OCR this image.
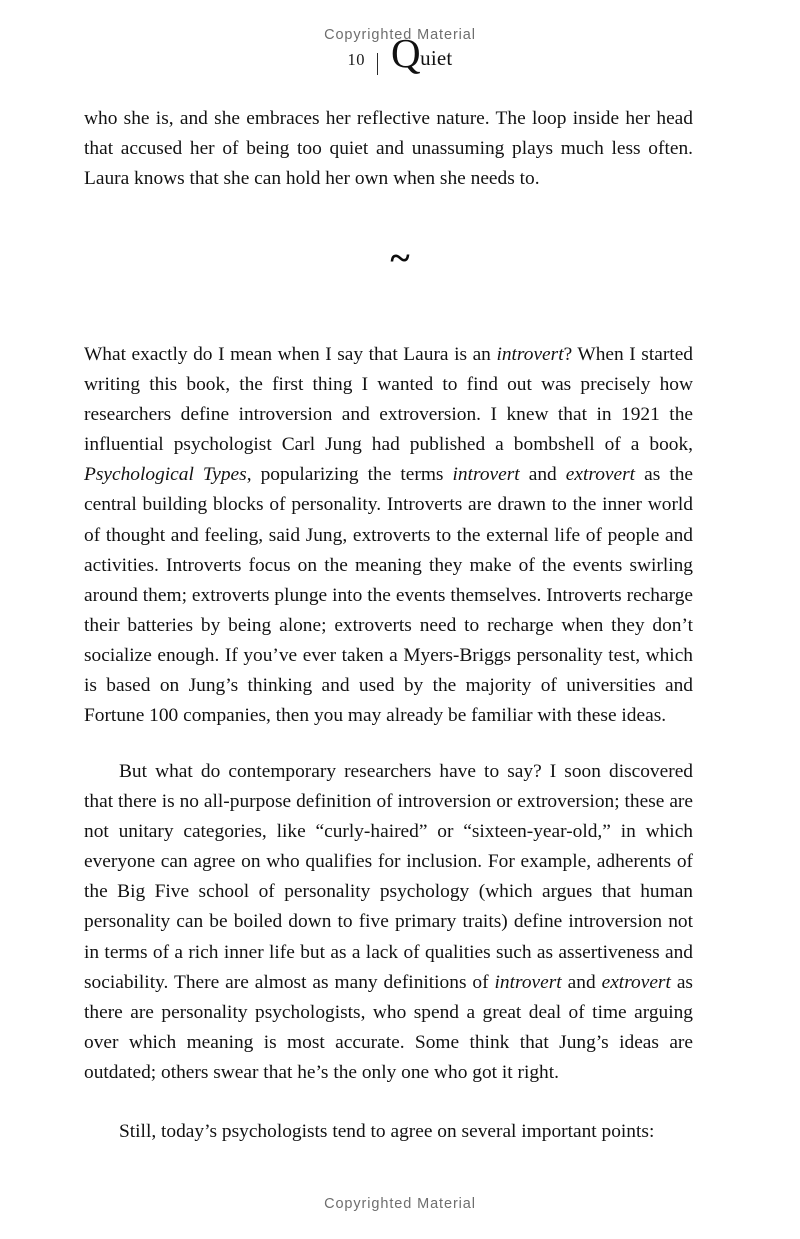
Copyrighted Material
10 Quiet

who she is, and she embraces her reflective nature. The loop inside her head that accused her of being too quiet and unassuming plays much less often. Laura knows that she can hold her own when she needs to.

~

What exactly do I mean when I say that Laura is an introvert? When I started writing this book, the first thing I wanted to find out was precisely how researchers define introversion and extroversion. I knew that in 1921 the influential psychologist Carl Jung had published a bombshell of a book, Psychological Types, popularizing the terms introvert and extrovert as the central building blocks of personality. Introverts are drawn to the inner world of thought and feeling, said Jung, extroverts to the external life of people and activities. Introverts focus on the meaning they make of the events swirling around them; extroverts plunge into the events themselves. Introverts recharge their batteries by being alone; extroverts need to recharge when they don’t socialize enough. If you’ve ever taken a Myers-Briggs personality test, which is based on Jung’s thinking and used by the majority of universities and Fortune 100 companies, then you may already be familiar with these ideas.

But what do contemporary researchers have to say? I soon discovered that there is no all-purpose definition of introversion or extroversion; these are not unitary categories, like “curly-haired” or “sixteen-year-old,” in which everyone can agree on who qualifies for inclusion. For example, adherents of the Big Five school of personality psychology (which argues that human personality can be boiled down to five primary traits) define introversion not in terms of a rich inner life but as a lack of qualities such as assertiveness and sociability. There are almost as many definitions of introvert and extrovert as there are personality psychologists, who spend a great deal of time arguing over which meaning is most accurate. Some think that Jung’s ideas are outdated; others swear that he’s the only one who got it right.

Still, today’s psychologists tend to agree on several important points:

Copyrighted Material
